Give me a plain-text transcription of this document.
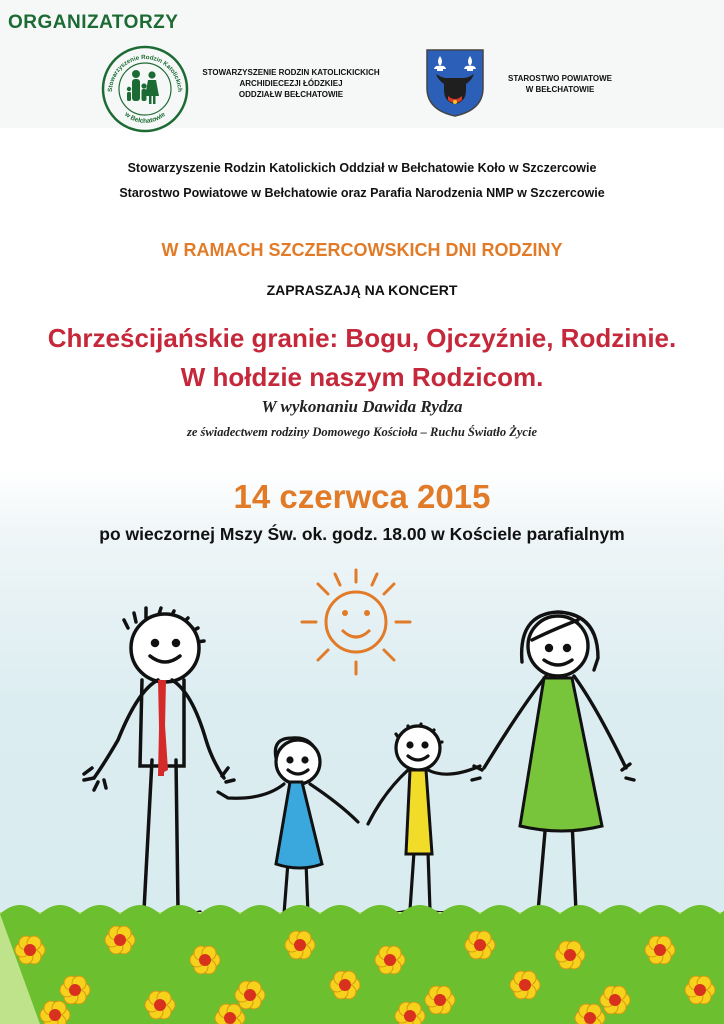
ORGANIZATORZY
Stowarzyszenie Rodzin Katolickich
w Bełchatowie
STOWARZYSZENIE RODZIN KATOLICKICKICH
ARCHIDIECEZJI ŁÓDZKIEJ
ODDZIAŁW BEŁCHATOWIE
STAROSTWO POWIATOWE
W BEŁCHATOWIE
Stowarzyszenie Rodzin Katolickich Oddział w Bełchatowie Koło w Szczercowie
Starostwo Powiatowe w Bełchatowie oraz Parafia Narodzenia NMP w Szczercowie
W RAMACH SZCZERCOWSKICH DNI RODZINY
ZAPRASZAJĄ NA KONCERT
Chrześcijańskie granie: Bogu, Ojczyźnie, Rodzinie.
W hołdzie naszym Rodzicom.
W wykonaniu Dawida Rydza
ze świadectwem rodziny Domowego Kościoła – Ruchu Światło Życie
14 czerwca 2015
po wieczornej Mszy Św. ok. godz. 18.00 w Kościele parafialnym
